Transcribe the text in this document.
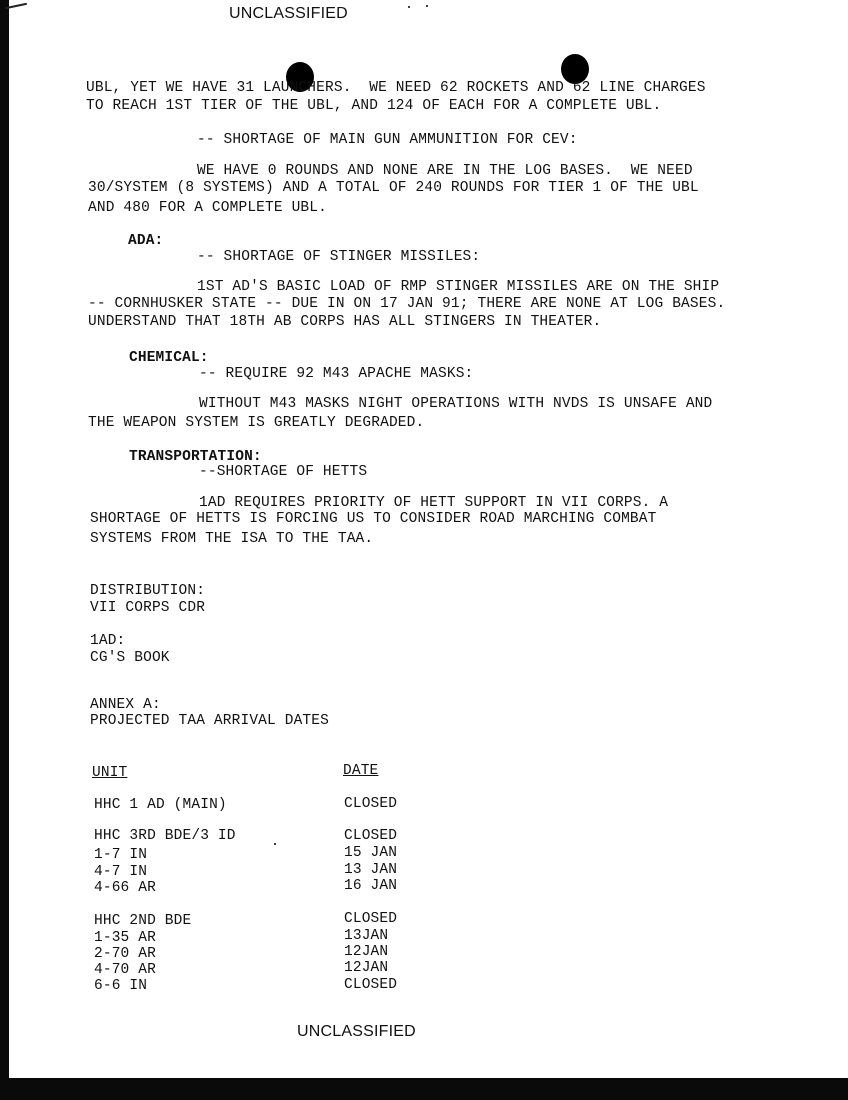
UNCLASSIFIED
UBL, YET WE HAVE 31 LAUNCHERS.  WE NEED 62 ROCKETS AND 62 LINE CHARGES
TO REACH 1ST TIER OF THE UBL, AND 124 OF EACH FOR A COMPLETE UBL.
-- SHORTAGE OF MAIN GUN AMMUNITION FOR CEV:
WE HAVE 0 ROUNDS AND NONE ARE IN THE LOG BASES.  WE NEED
30/SYSTEM (8 SYSTEMS) AND A TOTAL OF 240 ROUNDS FOR TIER 1 OF THE UBL
AND 480 FOR A COMPLETE UBL.
ADA:
-- SHORTAGE OF STINGER MISSILES:
1ST AD'S BASIC LOAD OF RMP STINGER MISSILES ARE ON THE SHIP
-- CORNHUSKER STATE -- DUE IN ON 17 JAN 91; THERE ARE NONE AT LOG BASES.
UNDERSTAND THAT 18TH AB CORPS HAS ALL STINGERS IN THEATER.
CHEMICAL:
-- REQUIRE 92 M43 APACHE MASKS:
WITHOUT M43 MASKS NIGHT OPERATIONS WITH NVDS IS UNSAFE AND
THE WEAPON SYSTEM IS GREATLY DEGRADED.
TRANSPORTATION:
--SHORTAGE OF HETTS
1AD REQUIRES PRIORITY OF HETT SUPPORT IN VII CORPS. A
SHORTAGE OF HETTS IS FORCING US TO CONSIDER ROAD MARCHING COMBAT
SYSTEMS FROM THE ISA TO THE TAA.
DISTRIBUTION:
VII CORPS CDR
1AD:
CG'S BOOK
ANNEX A:
PROJECTED TAA ARRIVAL DATES
UNIT	DATE
HHC 1 AD (MAIN)	CLOSED
HHC 3RD BDE/3 ID	CLOSED
1-7 IN	15 JAN
4-7 IN	13 JAN
4-66 AR	16 JAN
HHC 2ND BDE	CLOSED
1-35 AR	13JAN
2-70 AR	12JAN
4-70 AR	12JAN
6-6 IN	CLOSED
UNCLASSIFIED
